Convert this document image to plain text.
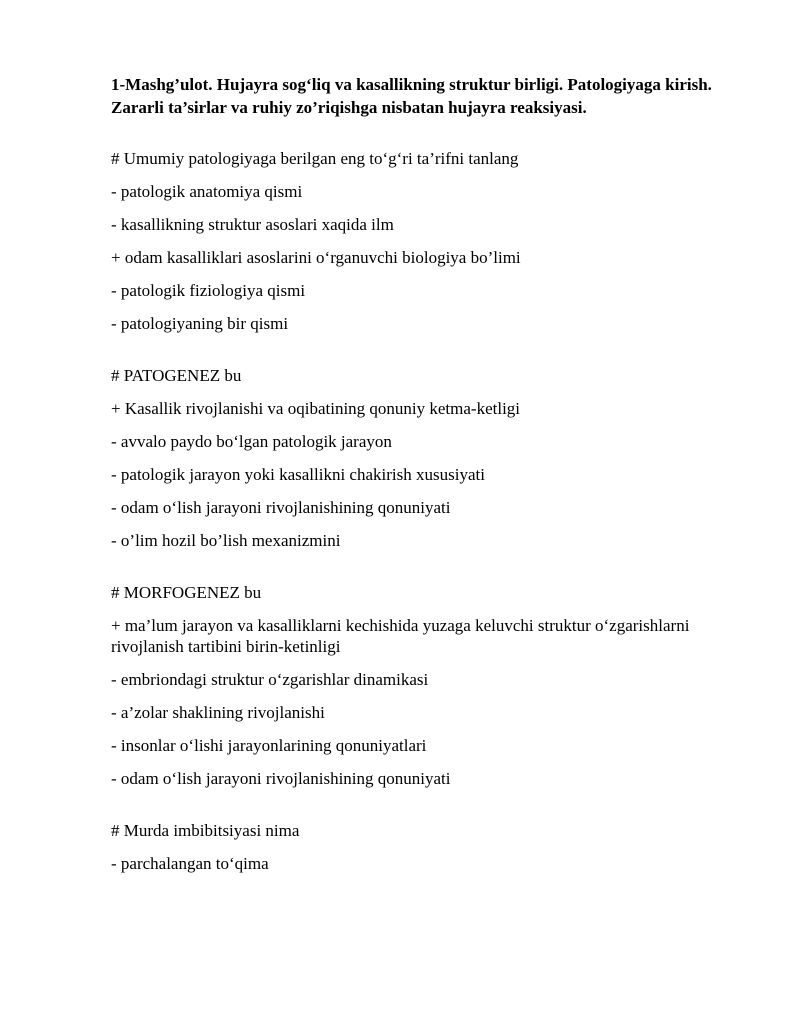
1-Mashg’ulot. Hujayra sog‘liq va kasallikning struktur birligi. Patologiyaga kirish. Zararli ta’sirlar va ruhiy zo’riqishga nisbatan hujayra reaksiyasi.
# Umumiy patologiyaga berilgan eng to‘g‘ri ta’rifni tanlang
- patologik anatomiya qismi
- kasallikning struktur asoslari xaqida ilm
+ odam kasalliklari asoslarini o‘rganuvchi biologiya bo’limi
- patologik fiziologiya qismi
- patologiyaning bir qismi
# PATOGENEZ bu
+ Kasallik rivojlanishi va oqibatining qonuniy ketma-ketligi
- avvalo paydo bo‘lgan patologik jarayon
- patologik jarayon yoki kasallikni chakirish xususiyati
- odam o‘lish jarayoni rivojlanishining qonuniyati
- o’lim hozil bo’lish mexanizmini
# MORFOGENEZ bu
+ ma’lum jarayon va kasalliklarni kechishida yuzaga keluvchi struktur o‘zgarishlarni rivojlanish tartibini birin-ketinligi
- embriondagi struktur o‘zgarishlar dinamikasi
- a’zolar shaklining rivojlanishi
- insonlar o‘lishi jarayonlarining qonuniyatlari
- odam o‘lish jarayoni rivojlanishining qonuniyati
# Murda imbibitsiyasi nima
- parchalangan to‘qima
